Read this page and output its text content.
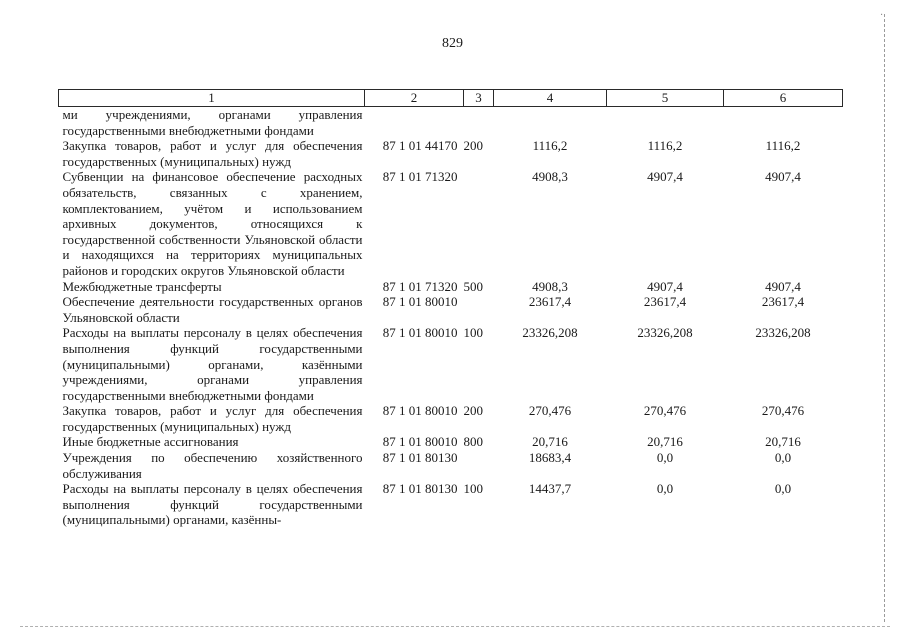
829
·
1	2	3	4	5	6
ми учреждениями, органами управления государственными внебюджетными фондами					
Закупка товаров, работ и услуг для обеспечения государственных (муниципальных) нужд	87 1 01 44170	200	1116,2	1116,2	1116,2
Субвенции на финансовое обеспечение расходных обязательств, связанных с хранением, комплектованием, учётом и использованием архивных документов, относящихся к государственной собственности Ульяновской области и находящихся на территориях муниципальных районов и городских округов Ульяновской области	87 1 01 71320		4908,3	4907,4	4907,4
Межбюджетные трансферты	87 1 01 71320	500	4908,3	4907,4	4907,4
Обеспечение деятельности государственных органов Ульяновской области	87 1 01 80010		23617,4	23617,4	23617,4
Расходы на выплаты персоналу в целях обеспечения выполнения функций государственными (муниципальными) органами, казёнными учреждениями, органами управления государственными внебюджетными фондами	87 1 01 80010	100	23326,208	23326,208	23326,208
Закупка товаров, работ и услуг для обеспечения государственных (муниципальных) нужд	87 1 01 80010	200	270,476	270,476	270,476
Иные бюджетные ассигнования	87 1 01 80010	800	20,716	20,716	20,716
Учреждения по обеспечению хозяйственного обслуживания	87 1 01 80130		18683,4	0,0	0,0
Расходы на выплаты персоналу в целях обеспечения выполнения функций государственными (муниципальными) органами, казённы-	87 1 01 80130	100	14437,7	0,0	0,0
